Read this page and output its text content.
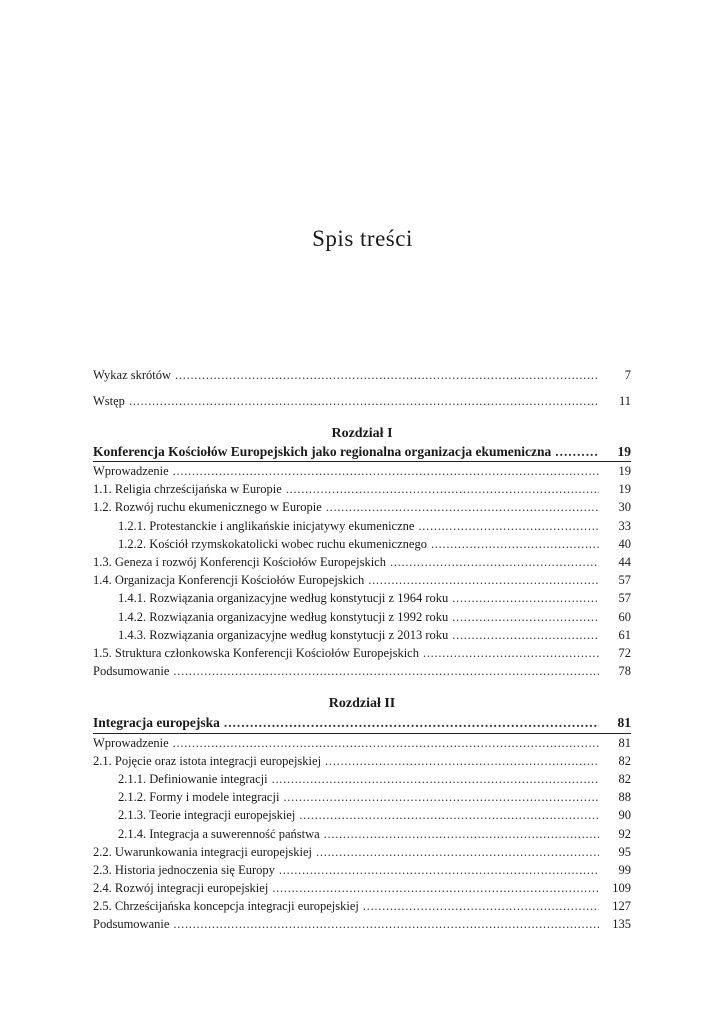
Spis treści
Wykaz skrótów . . .	7
Wstęp . . .	11
Rozdział I
Konferencja Kościołów Europejskich jako regionalna organizacja ekumeniczna . . .	19
Wprowadzenie . . .	19
1.1. Religia chrześcijańska w Europie . . .	19
1.2. Rozwój ruchu ekumenicznego w Europie . . .	30
1.2.1. Protestanckie i anglikańskie inicjatywy ekumeniczne . . .	33
1.2.2. Kościół rzymskokatolicki wobec ruchu ekumenicznego . . .	40
1.3. Geneza i rozwój Konferencji Kościołów Europejskich . . .	44
1.4. Organizacja Konferencji Kościołów Europejskich . . .	57
1.4.1. Rozwiązania organizacyjne według konstytucji z 1964 roku . . .	57
1.4.2. Rozwiązania organizacyjne według konstytucji z 1992 roku . . .	60
1.4.3. Rozwiązania organizacyjne według konstytucji z 2013 roku . . .	61
1.5. Struktura członkowska Konferencji Kościołów Europejskich . . .	72
Podsumowanie . . .	78
Rozdział II
Integracja europejska . . .	81
Wprowadzenie . . .	81
2.1. Pojęcie oraz istota integracji europejskiej . . .	82
2.1.1. Definiowanie integracji . . .	82
2.1.2. Formy i modele integracji . . .	88
2.1.3. Teorie integracji europejskiej . . .	90
2.1.4. Integracja a suwerenność państwa . . .	92
2.2. Uwarunkowania integracji europejskiej . . .	95
2.3. Historia jednoczenia się Europy . . .	99
2.4. Rozwój integracji europejskiej . . .	109
2.5. Chrześcijańska koncepcja integracji europejskiej . . .	127
Podsumowanie . . .	135
